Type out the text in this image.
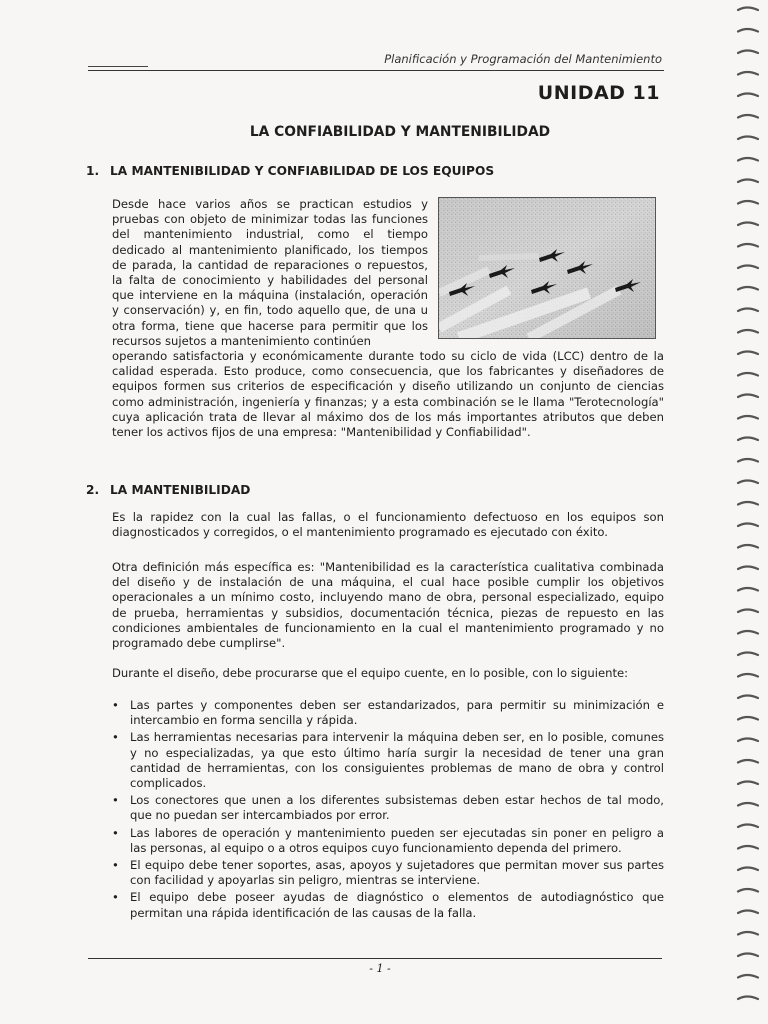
Planificación y Programación del Mantenimiento
UNIDAD 11
LA CONFIABILIDAD Y MANTENIBILIDAD
1. LA MANTENIBILIDAD Y CONFIABILIDAD DE LOS EQUIPOS

Desde hace varios años se practican estudios y pruebas con objeto de minimizar todas las funciones del mantenimiento industrial, como el tiempo dedicado al mantenimiento planificado, los tiempos de parada, la cantidad de reparaciones o repuestos, la falta de conocimiento y habilidades del personal que interviene en la máquina (instalación, operación y conservación) y, en fin, todo aquello que, de una u otra forma, tiene que hacerse para permitir que los recursos sujetos a mantenimiento continúen

operando satisfactoria y económicamente durante todo su ciclo de vida (LCC) dentro de la calidad esperada. Esto produce, como consecuencia, que los fabricantes y diseñadores de equipos formen sus criterios de especificación y diseño utilizando un conjunto de ciencias como administración, ingeniería y finanzas; y a esta combinación se le llama "Terotecnología" cuya aplicación trata de llevar al máximo dos de los más importantes atributos que deben tener los activos fijos de una empresa: "Mantenibilidad y Confiabilidad".

2. LA MANTENIBILIDAD

Es la rapidez con la cual las fallas, o el funcionamiento defectuoso en los equipos son diagnosticados y corregidos, o el mantenimiento programado es ejecutado con éxito.

Otra definición más específica es: "Mantenibilidad es la característica cualitativa combinada del diseño y de instalación de una máquina, el cual hace posible cumplir los objetivos operacionales a un mínimo costo, incluyendo mano de obra, personal especializado, equipo de prueba, herramientas y subsidios, documentación técnica, piezas de repuesto en las condiciones ambientales de funcionamiento en la cual el mantenimiento programado y no programado debe cumplirse".

Durante el diseño, debe procurarse que el equipo cuente, en lo posible, con lo siguiente:

• Las partes y componentes deben ser estandarizados, para permitir su minimización e intercambio en forma sencilla y rápida.
• Las herramientas necesarias para intervenir la máquina deben ser, en lo posible, comunes y no especializadas, ya que esto último haría surgir la necesidad de tener una gran cantidad de herramientas, con los consiguientes problemas de mano de obra y control complicados.
• Los conectores que unen a los diferentes subsistemas deben estar hechos de tal modo, que no puedan ser intercambiados por error.
• Las labores de operación y mantenimiento pueden ser ejecutadas sin poner en peligro a las personas, al equipo o a otros equipos cuyo funcionamiento dependa del primero.
• El equipo debe tener soportes, asas, apoyos y sujetadores que permitan mover sus partes con facilidad y apoyarlas sin peligro, mientras se interviene.
• El equipo debe poseer ayudas de diagnóstico o elementos de autodiagnóstico que permitan una rápida identificación de las causas de la falla.
- 1 -
